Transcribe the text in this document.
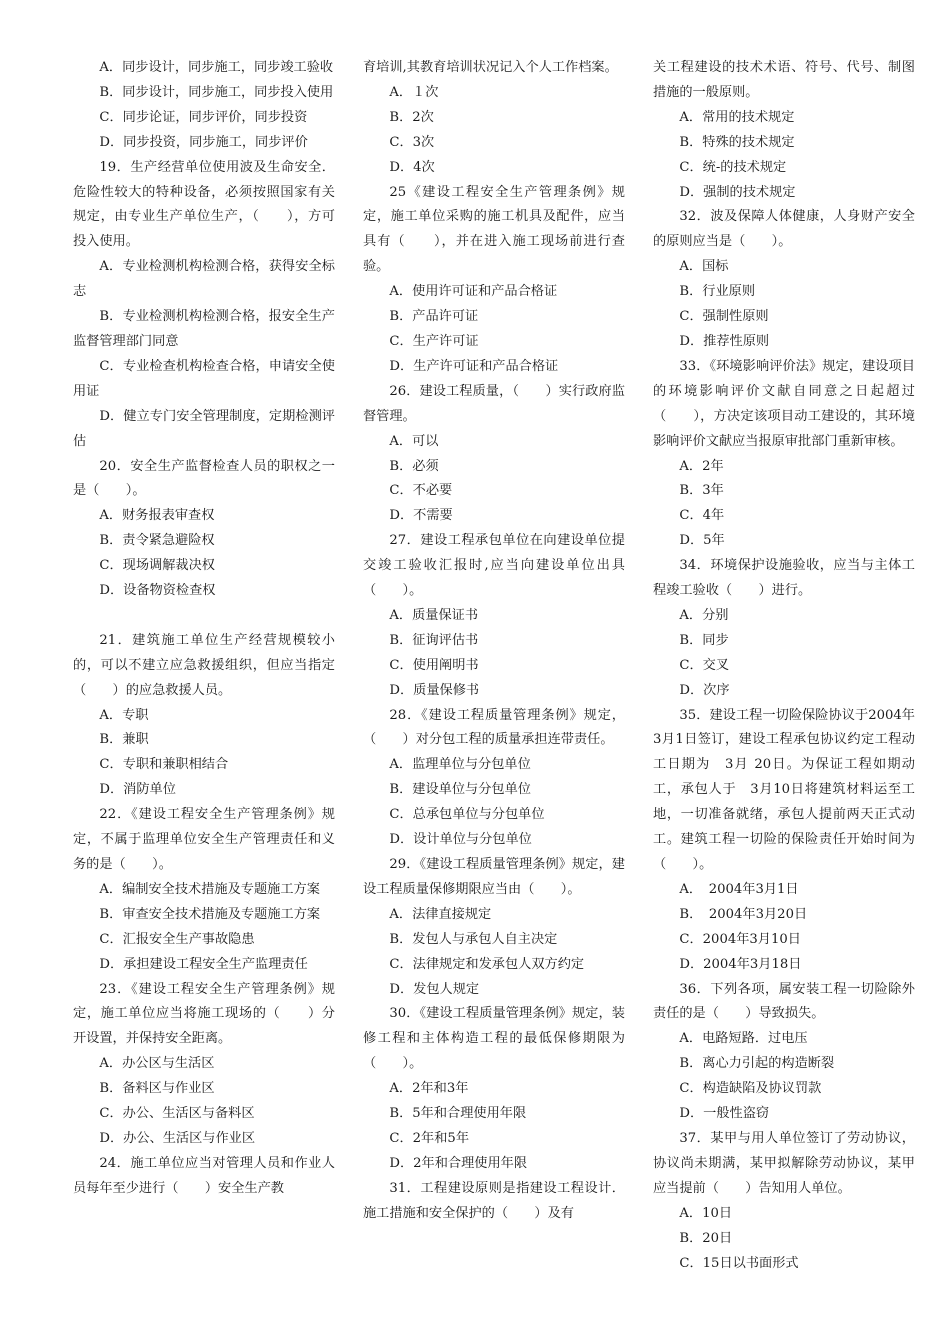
A．同步设计，同步施工，同步竣工验收

B．同步设计，同步施工，同步投入使用

C．同步论证，同步评价，同步投资

D．同步投资，同步施工，同步评价

19．生产经营单位使用波及生命安全．危险性较大的特种设备，必须按照国家有关规定，由专业生产单位生产，（　　），方可投入使用。

A．专业检测机构检测合格，获得安全标志

B．专业检测机构检测合格，报安全生产监督管理部门同意

C．专业检查机构检查合格，申请安全使用证

D．健立专门安全管理制度，定期检测评估

20．安全生产监督检查人员的职权之一是（　　）。

A．财务报表审查权

B．责令紧急避险权

C．现场调解裁决权

D．设备物资检查权

21．建筑施工单位生产经营规模较小的，可以不建立应急救援组织，但应当指定（　　）的应急救援人员。

A．专职

B．兼职

C．专职和兼职相结合

D．消防单位

22．《建设工程安全生产管理条例》规定，不属于监理单位安全生产管理责任和义务的是（　　）。

A．编制安全技术措施及专题施工方案

B．审查安全技术措施及专题施工方案

C．汇报安全生产事故隐患

D．承担建设工程安全生产监理责任

23．《建设工程安全生产管理条例》规定，施工单位应当将施工现场的（　　）分开设置，并保持安全距离。

A．办公区与生活区

B．备料区与作业区

C．办公、生活区与备料区

D．办公、生活区与作业区

24．施工单位应当对管理人员和作业人员每年至少进行（　　）安全生产教

育培训,其教育培训状况记入个人工作档案。

A．１次

B．2次

C．3次

D．4次

25《建设工程安全生产管理条例》规定，施工单位采购的施工机具及配件，应当具有（　　），并在进入施工现场前进行查验。

A．使用许可证和产品合格证

B．产品许可证

C．生产许可证

D．生产许可证和产品合格证

26．建设工程质量，（　　）实行政府监督管理。

A．可以

B．必须

C．不必要

D．不需要

27．建设工程承包单位在向建设单位提交竣工验收汇报时,应当向建设单位出具（　　）。

A．质量保证书

B．征询评估书

C．使用阐明书

D．质量保修书

28．《建设工程质量管理条例》规定，（　　）对分包工程的质量承担连带责任。

A．监理单位与分包单位

B．建设单位与分包单位

C．总承包单位与分包单位

D．设计单位与分包单位

29．《建设工程质量管理条例》规定，建设工程质量保修期限应当由（　　）。

A．法律直接规定

B．发包人与承包人自主决定

C．法律规定和发承包人双方约定

D．发包人规定

30．《建设工程质量管理条例》规定，装修工程和主体构造工程的最低保修期限为（　　）。

A．2年和3年

B．5年和合理使用年限

C．2年和5年

D．2年和合理使用年限

31．工程建设原则是指建设工程设计．施工措施和安全保护的（　　）及有

关工程建设的技术术语、符号、代号、制图措施的一般原则。

A．常用的技术规定

B．特殊的技术规定

C．统-的技术规定

D．强制的技术规定

32．波及保障人体健康，人身财产安全的原则应当是（　　）。

A．国标

B．行业原则

C．强制性原则

D．推荐性原则

33．《环境影响评价法》规定，建设项目的环境影响评价文献自同意之日起超过（　　），方决定该项目动工建设的，其环境影响评价文献应当报原审批部门重新审核。

A．2年

B．3年

C．4年

D．5年

34．环境保护设施验收，应当与主体工程竣工验收（　　）进行。

A．分别

B．同步

C．交叉

D．次序

35．建设工程一切险保险协议于2004年3月1日签订，建设工程承包协议约定工程动工日期为　3月 20日。为保证工程如期动工，承包人于　3月10日将建筑材料运至工地，一切准备就绪，承包人提前两天正式动工。建筑工程一切险的保险责任开始时间为（　　）。

A．　2004年3月1日

B．　2004年3月20日

C．2004年3月10日

D．2004年3月18日

36．下列各项，属安装工程一切险除外责任的是（　　）导致损失。

A．电路短路．过电压

B．离心力引起的构造断裂

C．构造缺陷及协议罚款

D．一般性盗窃

37．某甲与用人单位签订了劳动协议，协议尚未期满，某甲拟解除劳动协议，某甲应当提前（　　）告知用人单位。

A．10日

B．20日

C．15日以书面形式
